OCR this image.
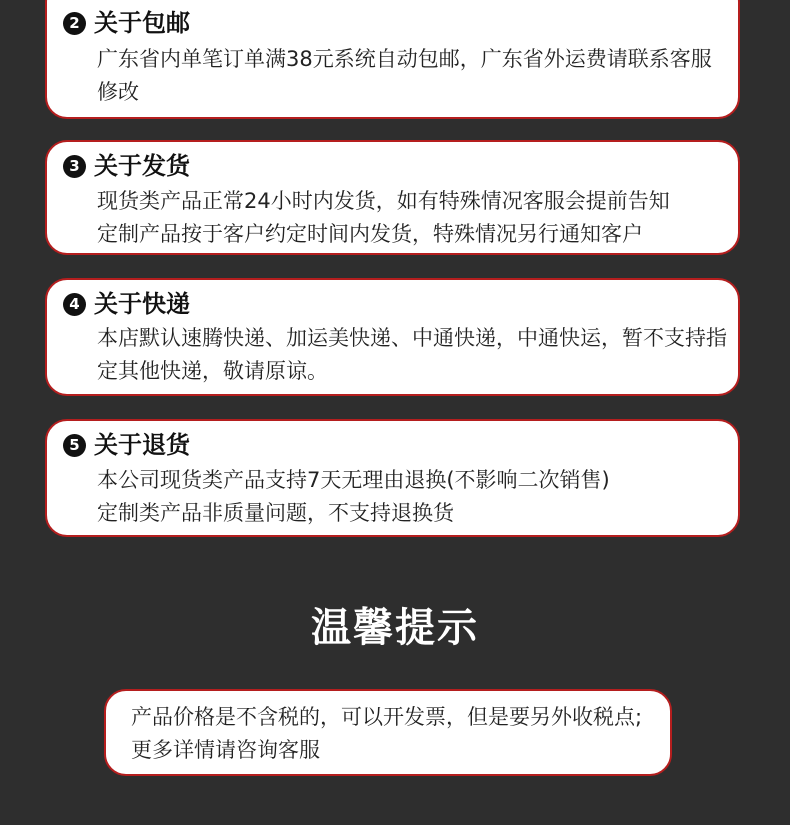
2 关于包邮

广东省内单笔订单满38元系统自动包邮，广东省外运费请联系客服修改

3 关于发货

现货类产品正常24小时内发货，如有特殊情况客服会提前告知

定制产品按于客户约定时间内发货，特殊情况另行通知客户

4 关于快递

本店默认速腾快递、加运美快递、中通快递，中通快运，暂不支持指定其他快递，敬请原谅。

5 关于退货

本公司现货类产品支持7天无理由退换(不影响二次销售)

定制类产品非质量问题，不支持退换货

温馨提示

产品价格是不含税的，可以开发票，但是要另外收税点;更多详情请咨询客服
